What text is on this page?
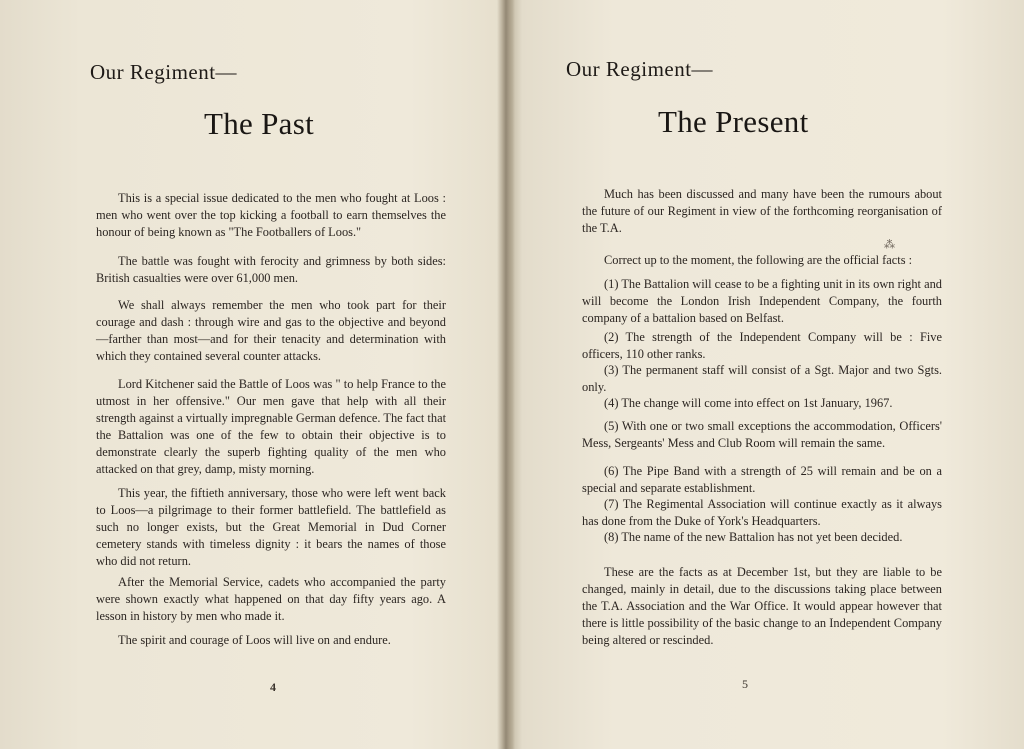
Our Regiment—
The Past

This is a special issue dedicated to the men who fought at Loos : men who went over the top kicking a football to earn themselves the honour of being known as "The Footballers of Loos."

The battle was fought with ferocity and grimness by both sides: British casualties were over 61,000 men.

We shall always remember the men who took part for their courage and dash : through wire and gas to the objective and beyond—farther than most—and for their tenacity and determination with which they contained several counter attacks.

Lord Kitchener said the Battle of Loos was " to help France to the utmost in her offensive." Our men gave that help with all their strength against a virtually impregnable German defence. The fact that the Battalion was one of the few to obtain their objective is to demonstrate clearly the superb fighting quality of the men who attacked on that grey, damp, misty morning.

This year, the fiftieth anniversary, those who were left went back to Loos—a pilgrimage to their former battlefield. The battlefield as such no longer exists, but the Great Memorial in Dud Corner cemetery stands with timeless dignity : it bears the names of those who did not return.

After the Memorial Service, cadets who accompanied the party were shown exactly what happened on that day fifty years ago. A lesson in history by men who made it.

The spirit and courage of Loos will live on and endure.

4
Our Regiment—
The Present

Much has been discussed and many have been the rumours about the future of our Regiment in view of the forthcoming reorganisation of the T.A.

⁂

Correct up to the moment, the following are the official facts :

(1) The Battalion will cease to be a fighting unit in its own right and will become the London Irish Independent Company, the fourth company of a battalion based on Belfast.

(2) The strength of the Independent Company will be : Five officers, 110 other ranks.

(3) The permanent staff will consist of a Sgt. Major and two Sgts. only.

(4) The change will come into effect on 1st January, 1967.

(5) With one or two small exceptions the accommodation, Officers' Mess, Sergeants' Mess and Club Room will remain the same.

(6) The Pipe Band with a strength of 25 will remain and be on a special and separate establishment.

(7) The Regimental Association will continue exactly as it always has done from the Duke of York's Headquarters.

(8) The name of the new Battalion has not yet been decided.

These are the facts as at December 1st, but they are liable to be changed, mainly in detail, due to the discussions taking place between the T.A. Association and the War Office. It would appear however that there is little possibility of the basic change to an Independent Company being altered or rescinded.

5
